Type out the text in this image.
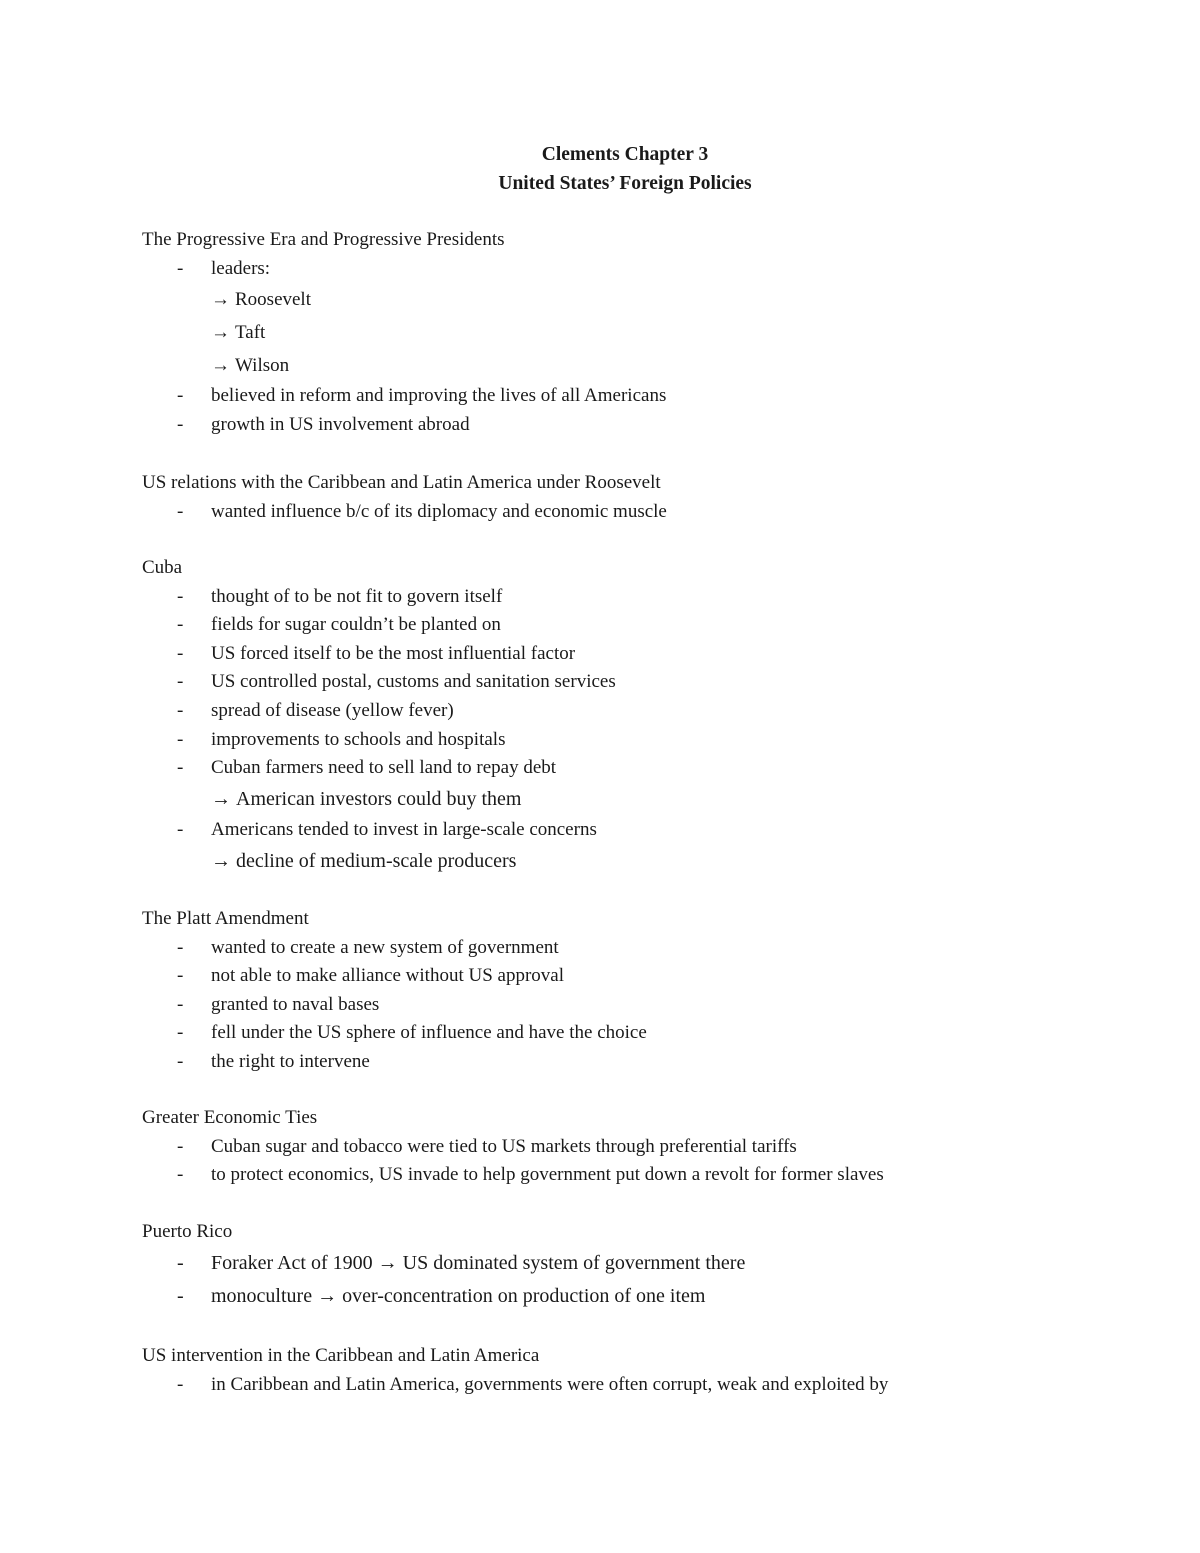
Clements Chapter 3
United States’ Foreign Policies
The Progressive Era and Progressive Presidents
- leaders:
→ Roosevelt
→ Taft
→ Wilson
- believed in reform and improving the lives of all Americans
- growth in US involvement abroad
US relations with the Caribbean and Latin America under Roosevelt
- wanted influence b/c of its diplomacy and economic muscle
Cuba
- thought of to be not fit to govern itself
- fields for sugar couldn’t be planted on
- US forced itself to be the most influential factor
- US controlled postal, customs and sanitation services
- spread of disease (yellow fever)
- improvements to schools and hospitals
- Cuban farmers need to sell land to repay debt
→ American investors could buy them
- Americans tended to invest in large-scale concerns
→ decline of medium-scale producers
The Platt Amendment
- wanted to create a new system of government
- not able to make alliance without US approval
- granted to naval bases
- fell under the US sphere of influence and have the choice
- the right to intervene
Greater Economic Ties
- Cuban sugar and tobacco were tied to US markets through preferential tariffs
- to protect economics, US invade to help government put down a revolt for former slaves
Puerto Rico
- Foraker Act of 1900 → US dominated system of government there
- monoculture → over-concentration on production of one item
US intervention in the Caribbean and Latin America
- in Caribbean and Latin America, governments were often corrupt, weak and exploited by
